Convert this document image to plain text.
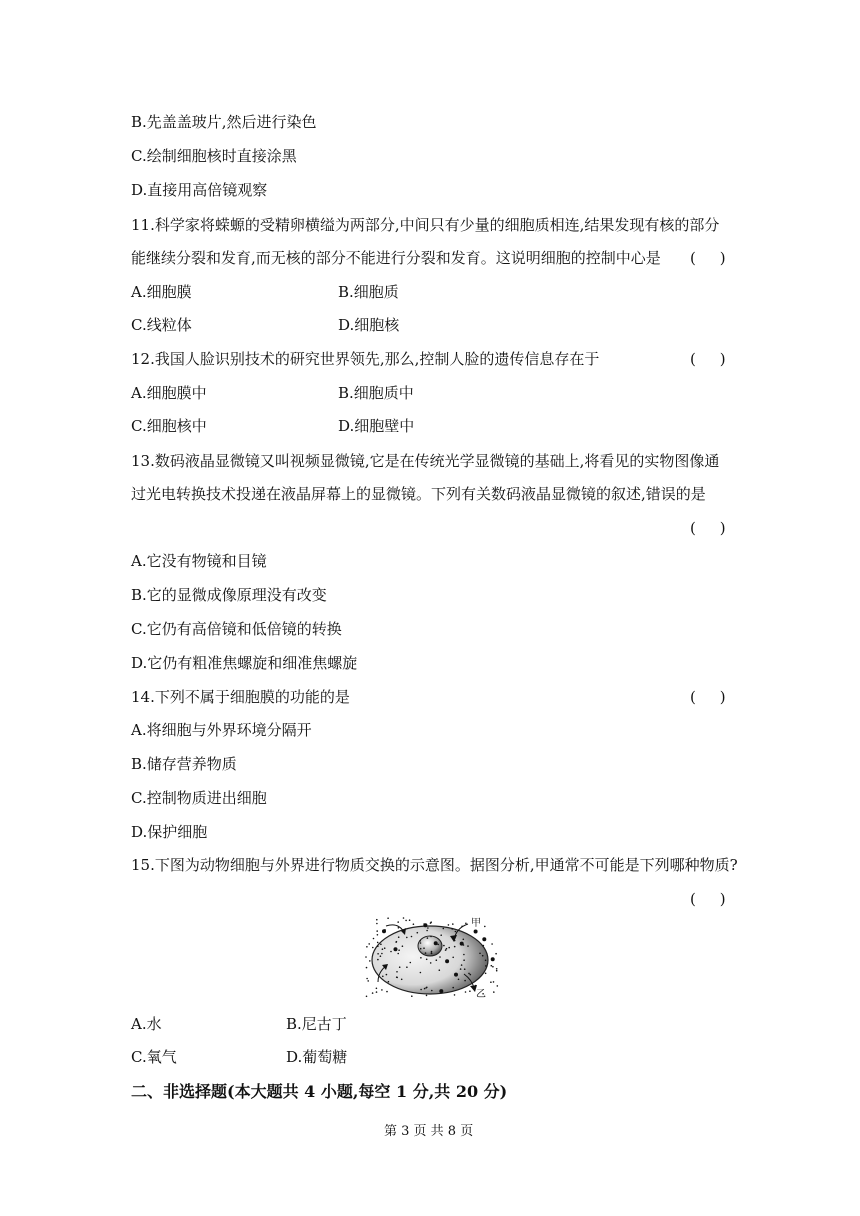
B.先盖盖玻片,然后进行染色
C.绘制细胞核时直接涂黑
D.直接用高倍镜观察
11.科学家将蝾螈的受精卵横缢为两部分,中间只有少量的细胞质相连,结果发现有核的部分
能继续分裂和发育,而无核的部分不能进行分裂和发育。这说明细胞的控制中心是 (     )
A.细胞膜	B.细胞质
C.线粒体	D.细胞核
12.我国人脸识别技术的研究世界领先,那么,控制人脸的遗传信息存在于	(     )
A.细胞膜中	B.细胞质中
C.细胞核中	D.细胞壁中
13.数码液晶显微镜又叫视频显微镜,它是在传统光学显微镜的基础上,将看见的实物图像通
过光电转换技术投递在液晶屏幕上的显微镜。下列有关数码液晶显微镜的叙述,错误的是
(     )
A.它没有物镜和目镜
B.它的显微成像原理没有改变
C.它仍有高倍镜和低倍镜的转换
D.它仍有粗准焦螺旋和细准焦螺旋
14.下列不属于细胞膜的功能的是	(     )
A.将细胞与外界环境分隔开
B.储存营养物质
C.控制物质进出细胞
D.保护细胞
15.下图为动物细胞与外界进行物质交换的示意图。据图分析,甲通常不可能是下列哪种物质?
(     )
甲
乙
A.水	B.尼古丁
C.氧气	D.葡萄糖
二、非选择题(本大题共 4 小题,每空 1 分,共 20 分)
第 3 页 共 8 页
